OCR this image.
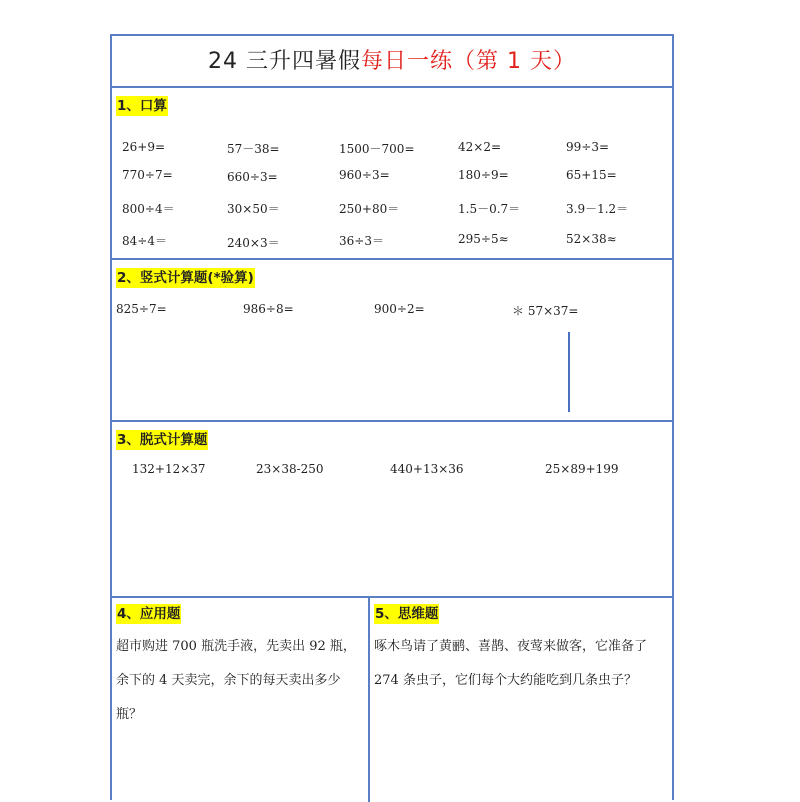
24 三升四暑假每日一练（第 1 天）
1、口算
26+9=	57－38=	1500－700=	42×2=	99÷3=
770÷7=	660÷3=	960÷3=	180÷9=	65+15=
800÷4＝	30×50＝	250+80＝	1.5－0.7＝	3.9－1.2＝
84÷4＝	240×3＝	36÷3＝	295÷5≈	52×38≈
2、竖式计算题(*验算)
825÷7=	986÷8=	900÷2=	＊ 57×37=
3、脱式计算题
132+12×37	23×38-250	440+13×36	25×89+199
4、应用题
超市购进 700 瓶洗手液，先卖出 92 瓶，
余下的 4 天卖完，余下的每天卖出多少
瓶？
5、思维题
啄木鸟请了黄鹂、喜鹊、夜莺来做客，它准备了
274 条虫子，它们每个大约能吃到几条虫子？
